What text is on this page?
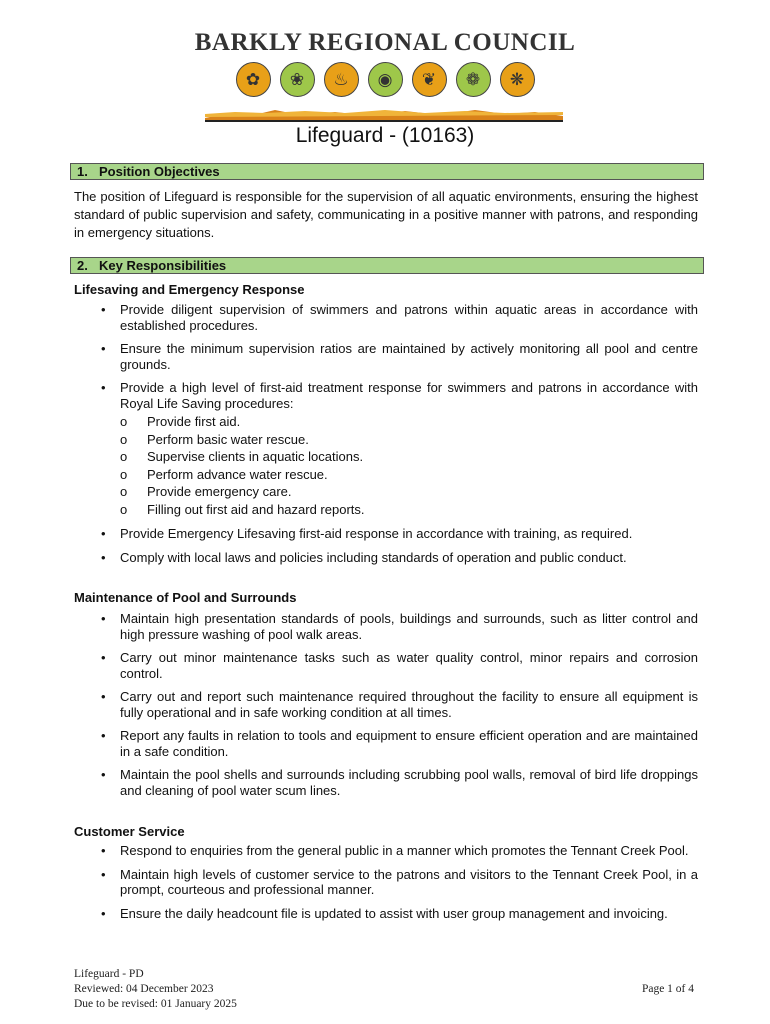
BARKLY REGIONAL COUNCIL
✿	❀	♨	◉	❦	❁	❋
Lifeguard - (10163)
1. Position Objectives
The position of Lifeguard is responsible for the supervision of all aquatic environments, ensuring the highest standard of public supervision and safety, communicating in a positive manner with patrons, and responding in emergency situations.
2. Key Responsibilities
Lifesaving and Emergency Response
• Provide diligent supervision of swimmers and patrons within aquatic areas in accordance with established procedures.
• Ensure the minimum supervision ratios are maintained by actively monitoring all pool and centre grounds.
• Provide a high level of first-aid treatment response for swimmers and patrons in accordance with Royal Life Saving procedures:
o Provide first aid.
o Perform basic water rescue.
o Supervise clients in aquatic locations.
o Perform advance water rescue.
o Provide emergency care.
o Filling out first aid and hazard reports.
• Provide Emergency Lifesaving first-aid response in accordance with training, as required.
• Comply with local laws and policies including standards of operation and public conduct.
Maintenance of Pool and Surrounds
• Maintain high presentation standards of pools, buildings and surrounds, such as litter control and high pressure washing of pool walk areas.
• Carry out minor maintenance tasks such as water quality control, minor repairs and corrosion control.
• Carry out and report such maintenance required throughout the facility to ensure all equipment is fully operational and in safe working condition at all times.
• Report any faults in relation to tools and equipment to ensure efficient operation and are maintained in a safe condition.
• Maintain the pool shells and surrounds including scrubbing pool walls, removal of bird life droppings and cleaning of pool water scum lines.
Customer Service
• Respond to enquiries from the general public in a manner which promotes the Tennant Creek Pool.
• Maintain high levels of customer service to the patrons and visitors to the Tennant Creek Pool, in a prompt, courteous and professional manner.
• Ensure the daily headcount file is updated to assist with user group management and invoicing.
Lifeguard - PD
Reviewed: 04 December 2023
Due to be revised: 01 January 2025
Page 1 of 4
